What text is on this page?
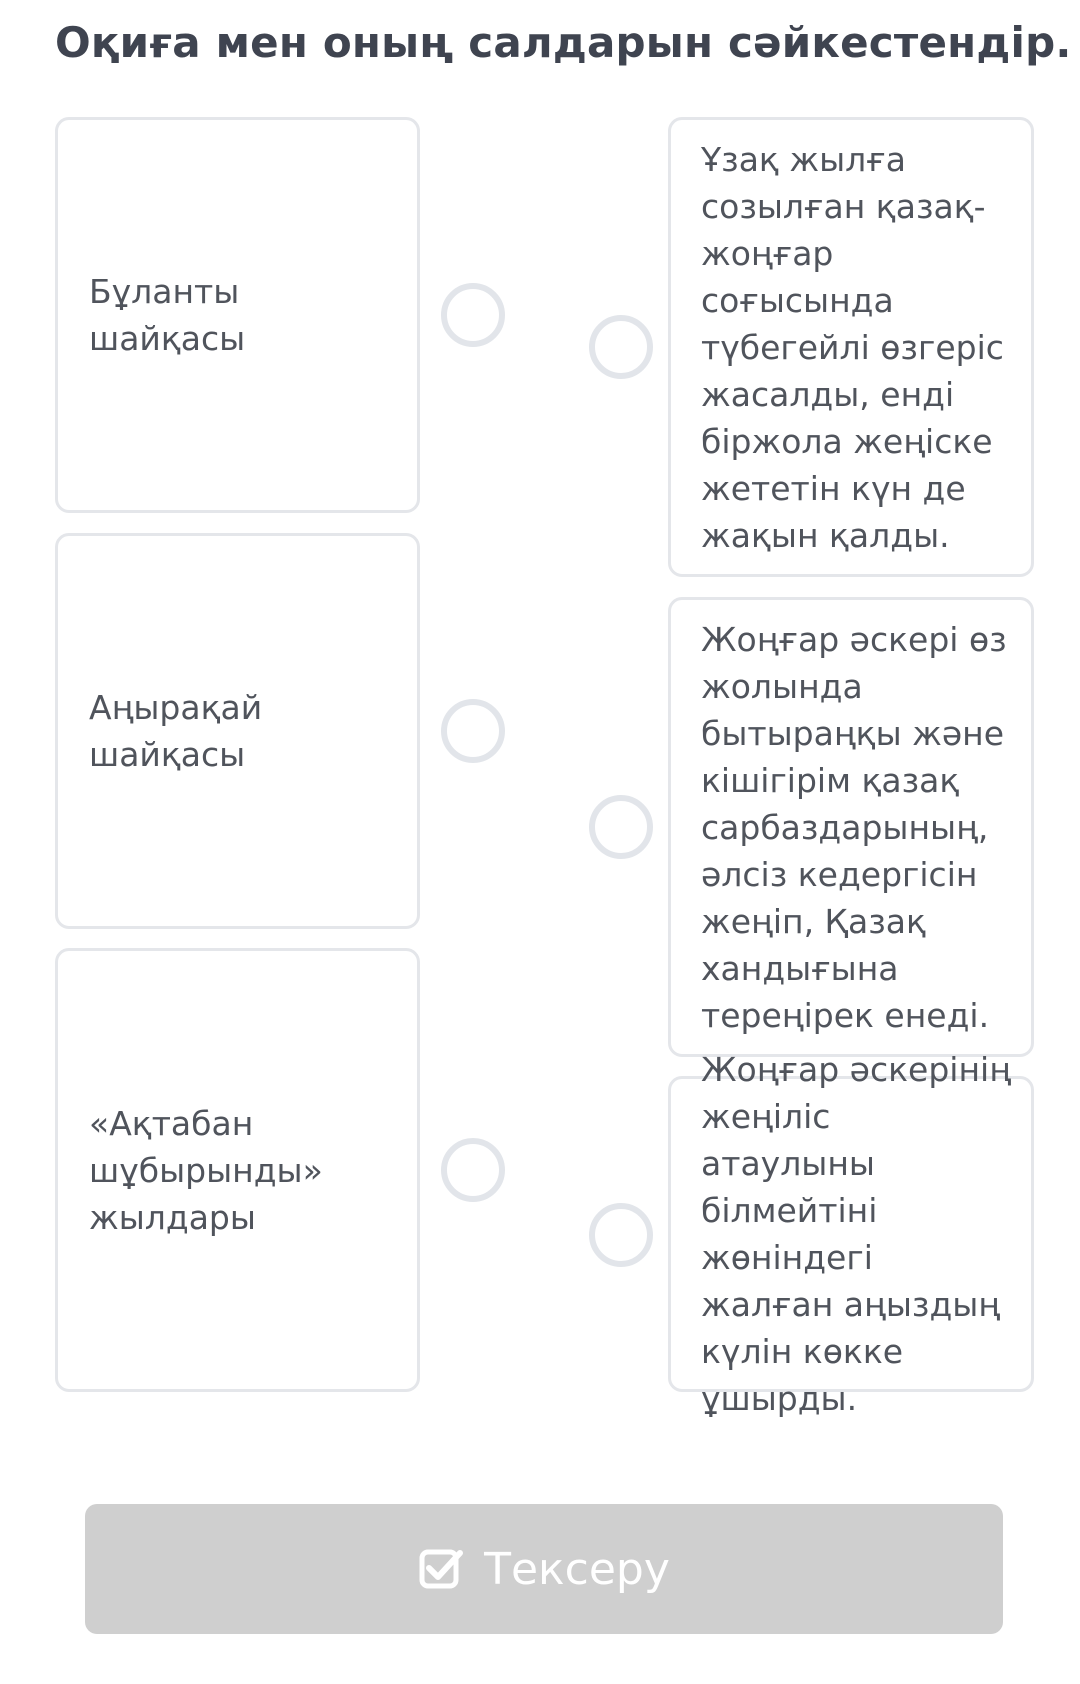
Оқиға мен оның салдарын сәйкестендір.
Бұланты шайқасы
Аңырақай шайқасы
«Ақтабан шұбырынды» жылдары
Ұзақ жылға созылған қазақ-жоңғар соғысында түбегейлі өзгеріс жасалды, енді біржола жеңіске жететін күн де жақын қалды.
Жоңғар әскері өз жолында бытыраңқы және кішігірім қазақ сарбаздарының, әлсіз кедергісін жеңіп, Қазақ хандығына тереңірек енеді.
Жоңғар әскерінің жеңіліс атаулыны білмейтіні жөніндегі жалған аңыздың күлін көкке ұшырды.
Тексеру
